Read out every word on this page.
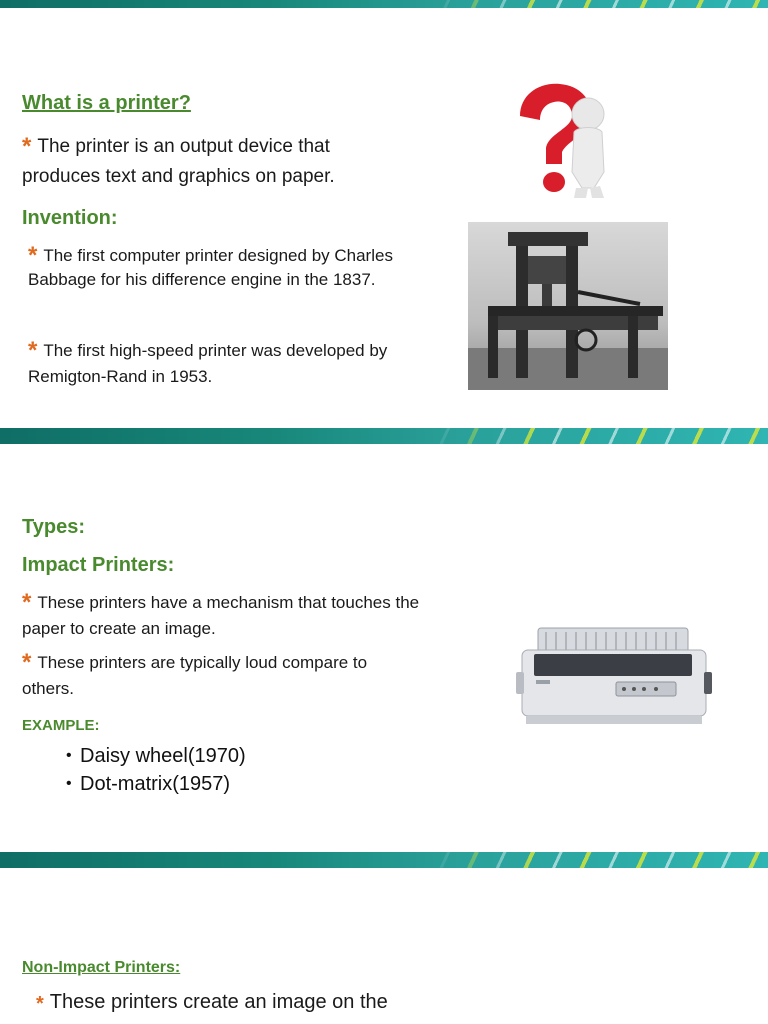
What is a printer?
* The printer is an output device that produces text and graphics on paper.
Invention:
* The first computer printer designed by Charles Babbage for his difference engine in the 1837.
* The first high-speed printer was developed by Remigton-Rand in 1953.
Types:
Impact Printers:
* These printers have a mechanism that touches the paper to create an image.
* These printers are typically loud compare to others.
EXAMPLE:
• Daisy wheel(1970)
• Dot-matrix(1957)
Non-Impact Printers:
* These printers create an image on the
